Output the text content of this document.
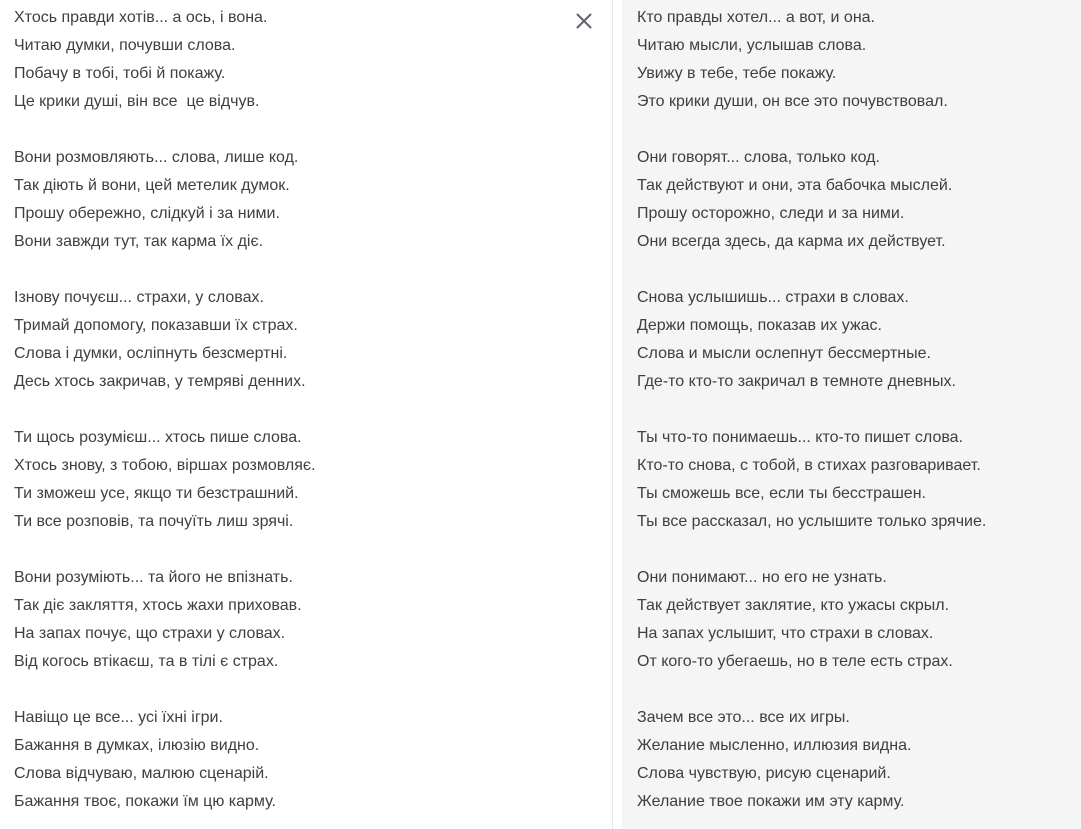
Хтось правди хотів... а ось, і вона.
Читаю думки, почувши слова.
Побачу в тобі, тобі й покажу.
Це крики душі, він все  це відчув.
Вони розмовляють... слова, лише код.
Так діють й вони, цей метелик думок.
Прошу обережно, слідкуй і за ними.
Вони завжди тут, так карма їх діє.
Ізнову почуєш... страхи, у словах.
Тримай допомогу, показавши їх страх.
Слова і думки, осліпнуть безсмертні.
Десь хтось закричав, у темряві денних.
Ти щось розумієш... хтось пише слова.
Хтось знову, з тобою, віршах розмовляє.
Ти зможеш усе, якщо ти безстрашний.
Ти все розповів, та почуїть лиш зрячі.
Вони розуміють... та його не впізнать.
Так діє закляття, хтось жахи приховав.
На запах почує, що страхи у словах.
Від когось втікаєш, та в тілі є страх.
Навіщо це все... усі їхні ігри.
Бажання в думках, ілюзію видно.
Слова відчуваю, малюю сценарій.
Бажання твоє, покажи їм цю карму.
Кто правды хотел... а вот, и она.
Читаю мысли, услышав слова.
Увижу в тебе, тебе покажу.
Это крики души, он все это почувствовал.
Они говорят... слова, только код.
Так действуют и они, эта бабочка мыслей.
Прошу осторожно, следи и за ними.
Они всегда здесь, да карма их действует.
Снова услышишь... страхи в словах.
Держи помощь, показав их ужас.
Слова и мысли ослепнут бессмертные.
Где-то кто-то закричал в темноте дневных.
Ты что-то понимаешь... кто-то пишет слова.
Кто-то снова, с тобой, в стихах разговаривает.
Ты сможешь все, если ты бесстрашен.
Ты все рассказал, но услышите только зрячие.
Они понимают... но его не узнать.
Так действует заклятие, кто ужасы скрыл.
На запах услышит, что страхи в словах.
От кого-то убегаешь, но в теле есть страх.
Зачем все это... все их игры.
Желание мысленно, иллюзия видна.
Слова чувствую, рисую сценарий.
Желание твое покажи им эту карму.
